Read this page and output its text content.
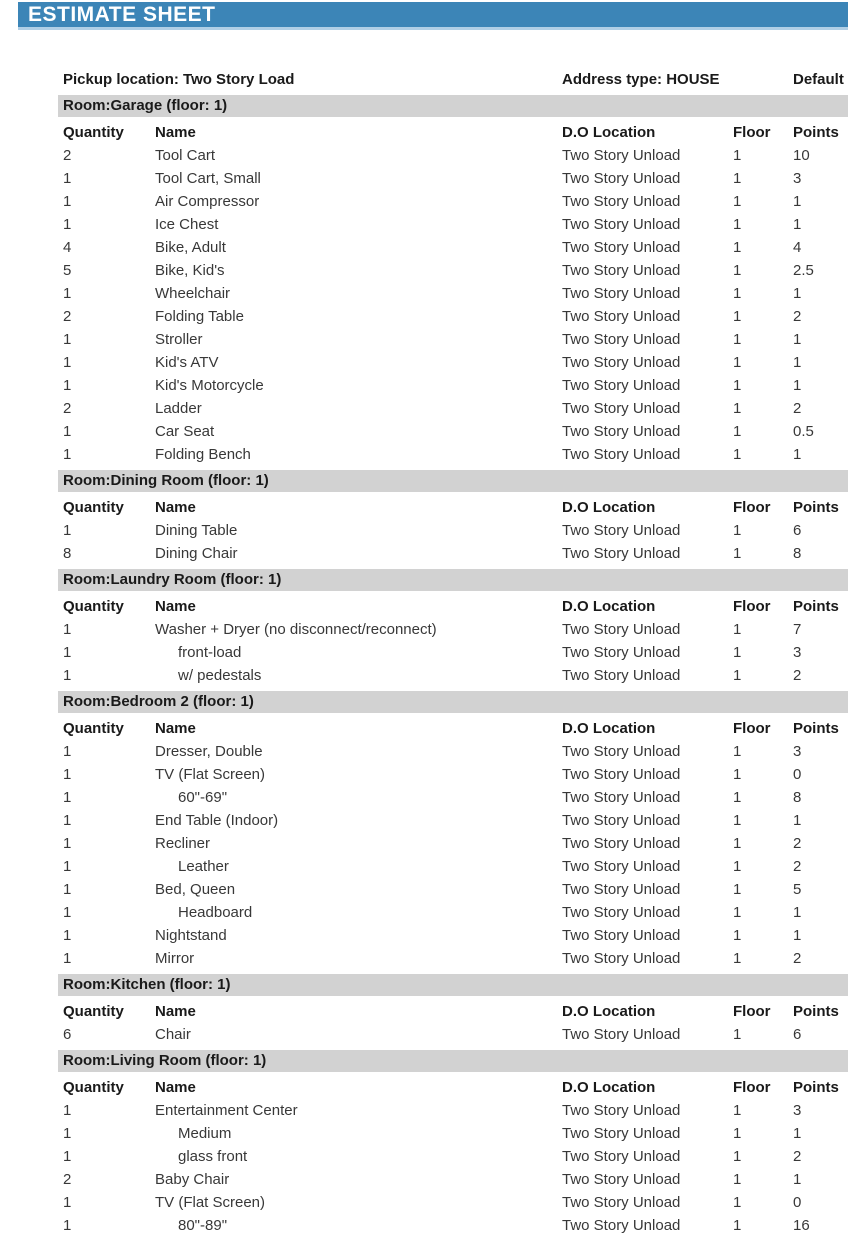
ESTIMATE SHEET
Pickup location: Two Story Load	Address type: HOUSE	Default
Room:Garage (floor: 1)
Quantity	Name	D.O Location	Floor	Points
2	Tool Cart	Two Story Unload	1	10
1	Tool Cart, Small	Two Story Unload	1	3
1	Air Compressor	Two Story Unload	1	1
1	Ice Chest	Two Story Unload	1	1
4	Bike, Adult	Two Story Unload	1	4
5	Bike, Kid's	Two Story Unload	1	2.5
1	Wheelchair	Two Story Unload	1	1
2	Folding Table	Two Story Unload	1	2
1	Stroller	Two Story Unload	1	1
1	Kid's ATV	Two Story Unload	1	1
1	Kid's Motorcycle	Two Story Unload	1	1
2	Ladder	Two Story Unload	1	2
1	Car Seat	Two Story Unload	1	0.5
1	Folding Bench	Two Story Unload	1	1
Room:Dining Room (floor: 1)
Quantity	Name	D.O Location	Floor	Points
1	Dining Table	Two Story Unload	1	6
8	Dining Chair	Two Story Unload	1	8
Room:Laundry Room (floor: 1)
Quantity	Name	D.O Location	Floor	Points
1	Washer + Dryer (no disconnect/reconnect)	Two Story Unload	1	7
1	front-load	Two Story Unload	1	3
1	w/ pedestals	Two Story Unload	1	2
Room:Bedroom 2 (floor: 1)
Quantity	Name	D.O Location	Floor	Points
1	Dresser, Double	Two Story Unload	1	3
1	TV (Flat Screen)	Two Story Unload	1	0
1	60"-69"	Two Story Unload	1	8
1	End Table (Indoor)	Two Story Unload	1	1
1	Recliner	Two Story Unload	1	2
1	Leather	Two Story Unload	1	2
1	Bed, Queen	Two Story Unload	1	5
1	Headboard	Two Story Unload	1	1
1	Nightstand	Two Story Unload	1	1
1	Mirror	Two Story Unload	1	2
Room:Kitchen (floor: 1)
Quantity	Name	D.O Location	Floor	Points
6	Chair	Two Story Unload	1	6
Room:Living Room (floor: 1)
Quantity	Name	D.O Location	Floor	Points
1	Entertainment Center	Two Story Unload	1	3
1	Medium	Two Story Unload	1	1
1	glass front	Two Story Unload	1	2
2	Baby Chair	Two Story Unload	1	1
1	TV (Flat Screen)	Two Story Unload	1	0
1	80"-89"	Two Story Unload	1	16
